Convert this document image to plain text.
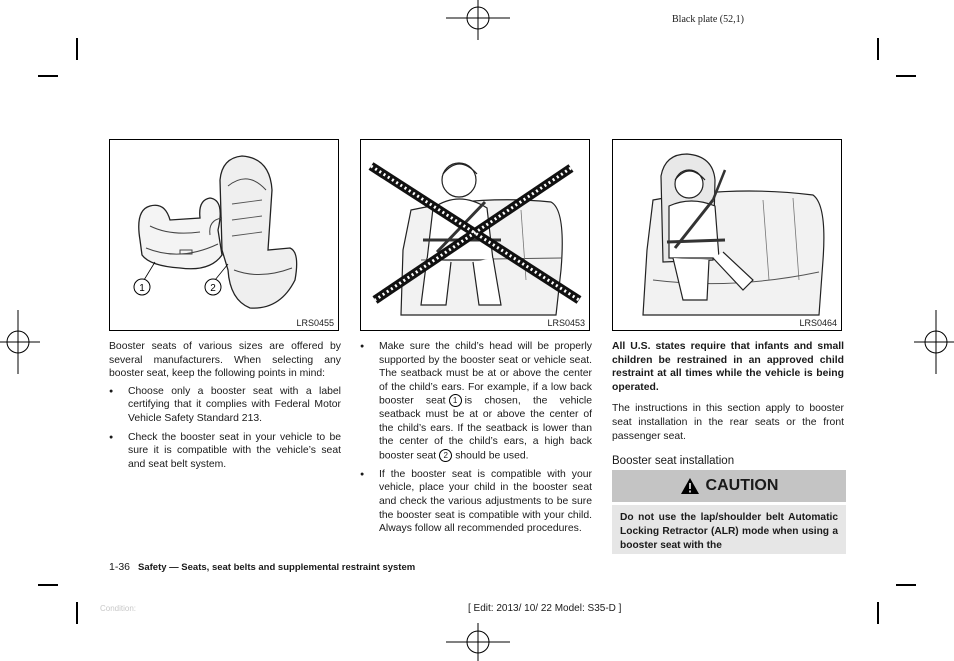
Black plate (52,1)
1	2
LRS0455	LRS0453	LRS0464

Booster seats of various sizes are offered by several manufacturers. When selecting any booster seat, keep the following points in mind:

● Choose only a booster seat with a label certifying that it complies with Federal Motor Vehicle Safety Standard 213.
● Check the booster seat in your vehicle to be sure it is compatible with the vehicle’s seat and seat belt system.
● Make sure the child’s head will be properly supported by the booster seat or vehicle seat. The seatback must be at or above the center of the child’s ears. For example, if a low back booster seat 1 is chosen, the vehicle seatback must be at or above the center of the child’s ears. If the seatback is lower than the center of the child’s ears, a high back booster seat 2 should be used.
● If the booster seat is compatible with your vehicle, place your child in the booster seat and check the various adjustments to be sure the booster seat is compatible with your child. Always follow all recommended procedures.

All U.S. states require that infants and small children be restrained in an approved child restraint at all times while the vehicle is being operated.

The instructions in this section apply to booster seat installation in the rear seats or the front passenger seat.

Booster seat installation

CAUTION
Do not use the lap/shoulder belt Automatic Locking Retractor (ALR) mode when using a booster seat with the
1-36 Safety — Seats, seat belts and supplemental restraint system
Condition:	[ Edit: 2013/ 10/ 22 Model: S35-D ]
